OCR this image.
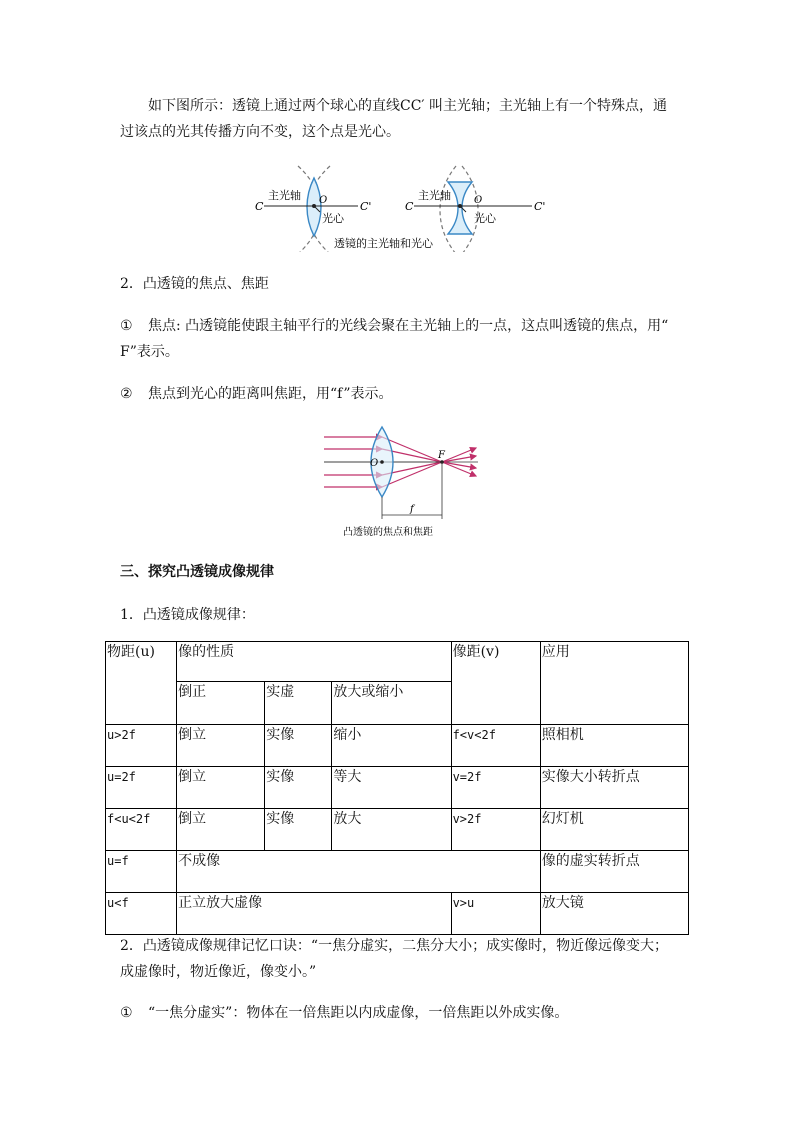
如下图所示：透镜上通过两个球心的直线CC′ 叫主光轴；主光轴上有一个特殊点，通
过该点的光其传播方向不变，这个点是光心。
C	C'
主光轴 O
光心
C	C'
主光轴 O
光心
透镜的主光轴和光心
2．凸透镜的焦点、焦距
① 焦点: 凸透镜能使跟主轴平行的光线会聚在主光轴上的一点，这点叫透镜的焦点，用“
F”表示。
② 焦点到光心的距离叫焦距，用“f”表示。
O
F
f
凸透镜的焦点和焦距
三、探究凸透镜成像规律
1．凸透镜成像规律：
物距(u)	像的性质			像距(v)	应用
	倒正	实虚	放大或缩小		
u>2f	倒立	实像	缩小	f<v<2f	照相机
u=2f	倒立	实像	等大	v=2f	实像大小转折点
f<u<2f	倒立	实像	放大	v>2f	幻灯机
u=f	不成像				像的虚实转折点
u<f	正立放大虚像			v>u	放大镜
2．凸透镜成像规律记忆口诀：“一焦分虚实，二焦分大小；成实像时，物近像远像变大；
成虚像时，物近像近，像变小。”
① “一焦分虚实”：物体在一倍焦距以内成虚像，一倍焦距以外成实像。
